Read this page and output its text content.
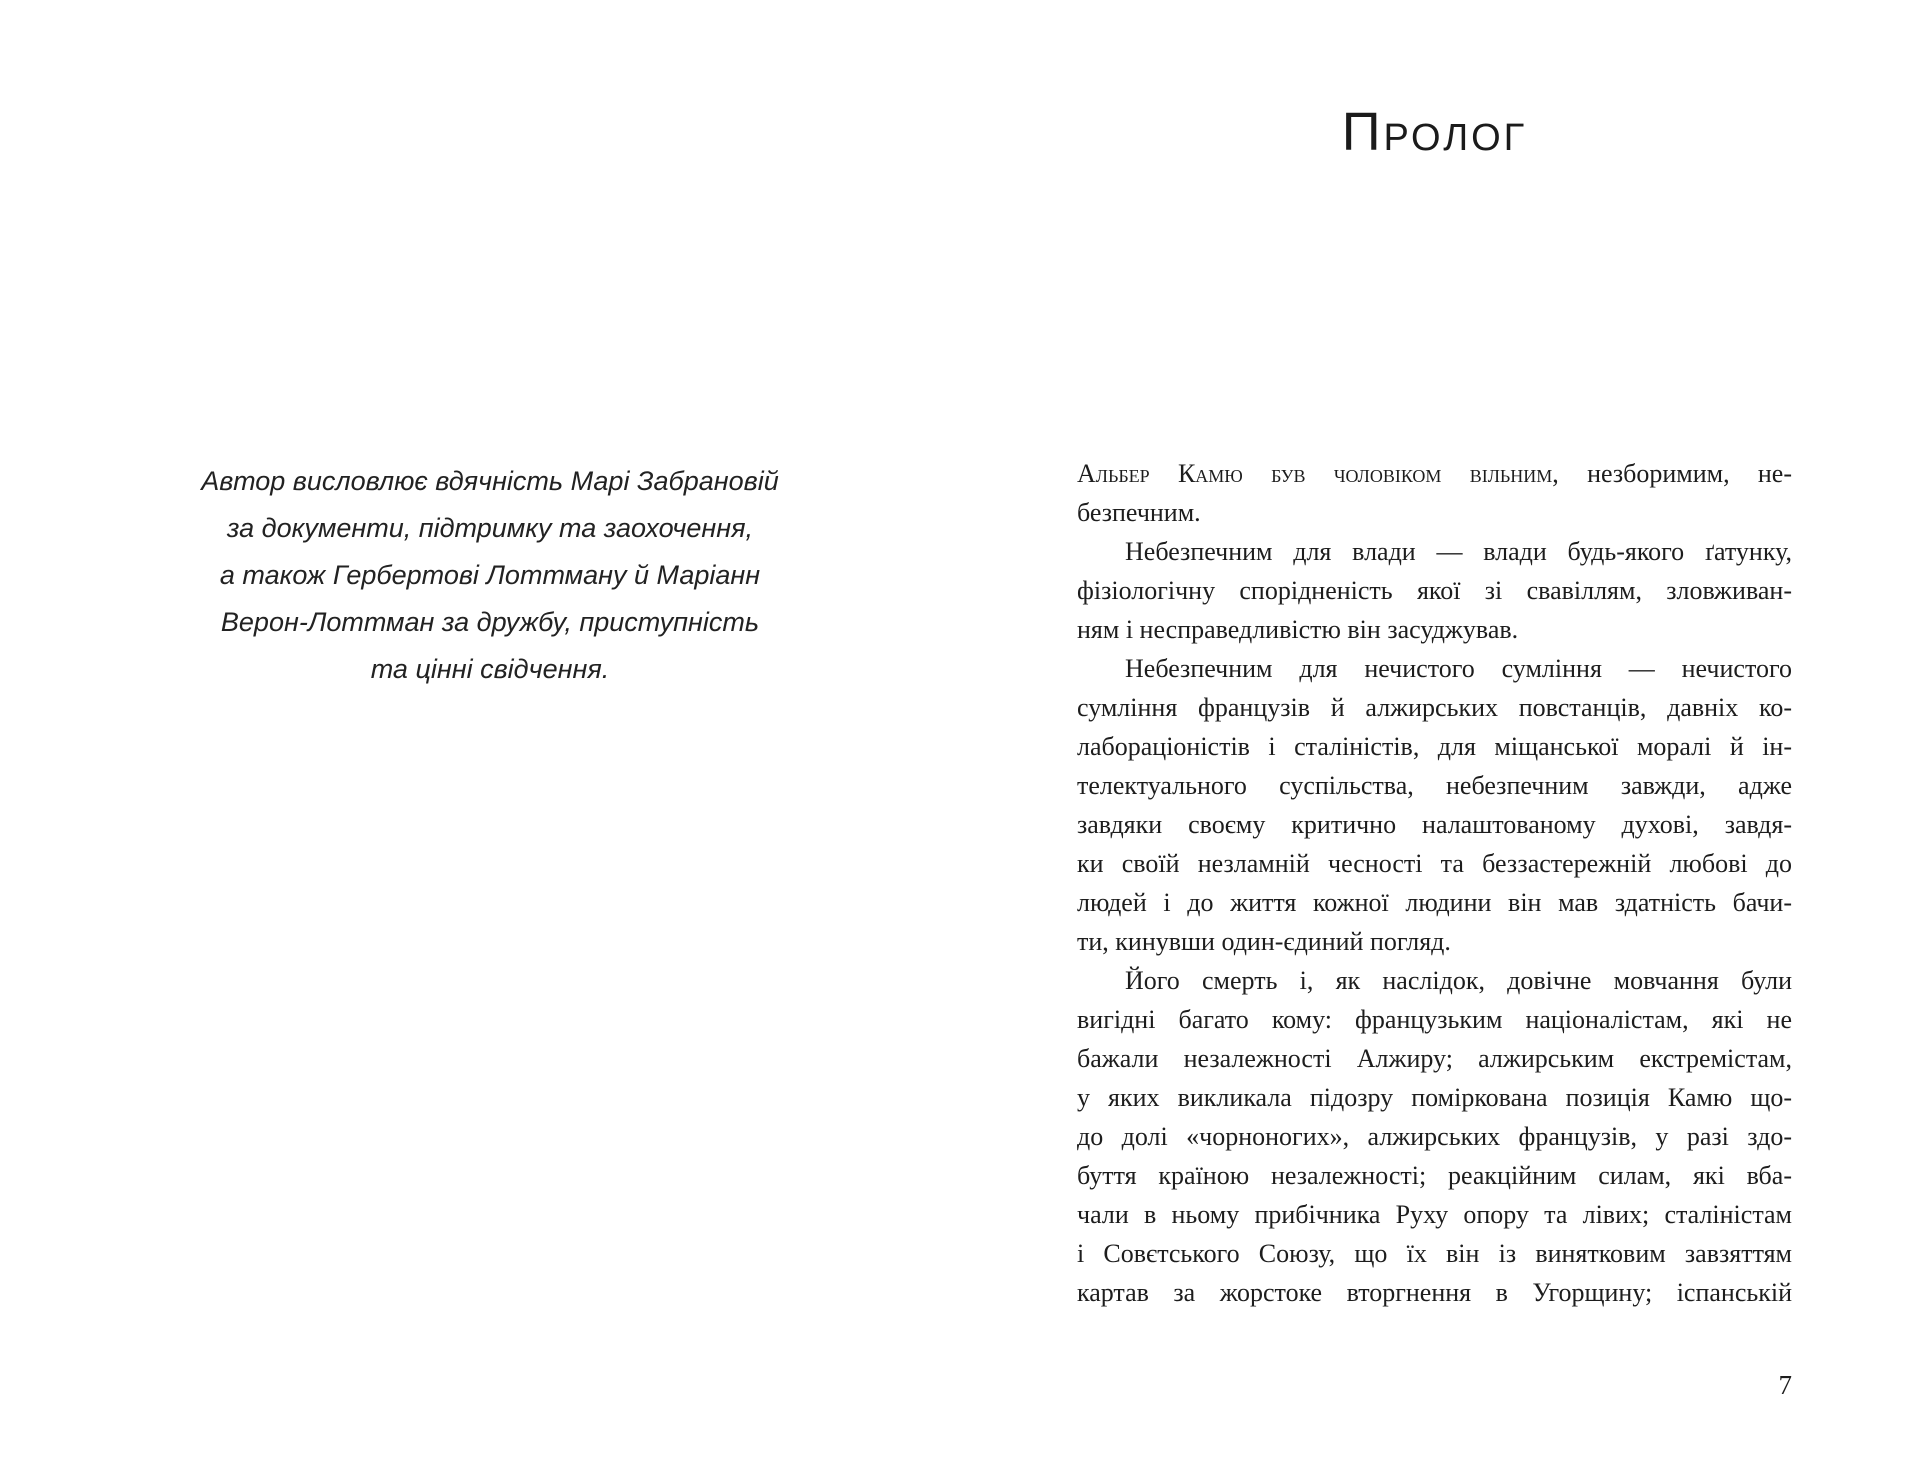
Автор висловлює вдячність Марі Забрановій
за документи, підтримку та заохочення,
а також Гербертові Лоттману й Маріанн
Верон-Лоттман за дружбу, приступність
та цінні свідчення.
Пролог
Альбер Камю був чоловіком вільним, незборимим, не-
безпечним.
Небезпечним для влади — влади будь-якого ґатунку,
фізіологічну спорідненість якої зі свавіллям, зловживан-
ням і несправедливістю він засуджував.
Небезпечним для нечистого сумління — нечистого
сумління французів й алжирських повстанців, давніх ко-
лабораціоністів і сталіністів, для міщанської моралі й ін-
телектуального суспільства, небезпечним завжди, адже
завдяки своєму критично налаштованому духові, завдя-
ки своїй незламній чесності та беззастережній любові до
людей і до життя кожної людини він мав здатність бачи-
ти, кинувши один-єдиний погляд.
Його смерть і, як наслідок, довічне мовчання були
вигідні багато кому: французьким націоналістам, які не
бажали незалежності Алжиру; алжирським екстремістам,
у яких викликала підозру поміркована позиція Камю що-
до долі «чорноногих», алжирських французів, у разі здо-
буття країною незалежності; реакційним силам, які вба-
чали в ньому прибічника Руху опору та лівих; сталіністам
і Совєтського Союзу, що їх він із винятковим завзяттям
картав за жорстоке вторгнення в Угорщину; іспанській
7
